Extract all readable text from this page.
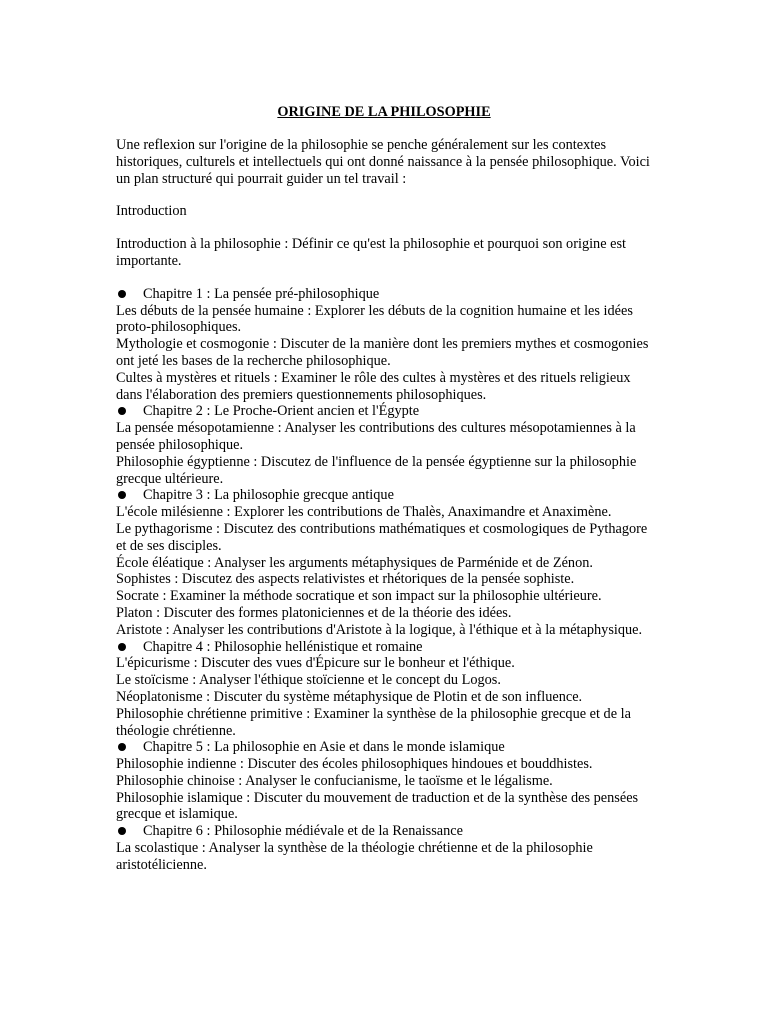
ORIGINE DE LA PHILOSOPHIE

Une reflexion sur l'origine de la philosophie se penche généralement sur les contextes historiques, culturels et intellectuels qui ont donné naissance à la pensée philosophique. Voici un plan structuré qui pourrait guider un tel travail :

Introduction

Introduction à la philosophie : Définir ce qu'est la philosophie et pourquoi son origine est importante.

Chapitre 1 : La pensée pré-philosophique

Les débuts de la pensée humaine : Explorer les débuts de la cognition humaine et les idées proto-philosophiques.

Mythologie et cosmogonie : Discuter de la manière dont les premiers mythes et cosmogonies ont jeté les bases de la recherche philosophique.

Cultes à mystères et rituels : Examiner le rôle des cultes à mystères et des rituels religieux dans l'élaboration des premiers questionnements philosophiques.

Chapitre 2 : Le Proche-Orient ancien et l'Égypte

La pensée mésopotamienne : Analyser les contributions des cultures mésopotamiennes à la pensée philosophique.

Philosophie égyptienne : Discutez de l'influence de la pensée égyptienne sur la philosophie grecque ultérieure.

Chapitre 3 : La philosophie grecque antique

L'école milésienne : Explorer les contributions de Thalès, Anaximandre et Anaximène.

Le pythagorisme : Discutez des contributions mathématiques et cosmologiques de Pythagore et de ses disciples.

École éléatique : Analyser les arguments métaphysiques de Parménide et de Zénon.

Sophistes : Discutez des aspects relativistes et rhétoriques de la pensée sophiste.

Socrate : Examiner la méthode socratique et son impact sur la philosophie ultérieure.

Platon : Discuter des formes platoniciennes et de la théorie des idées.

Aristote : Analyser les contributions d'Aristote à la logique, à l'éthique et à la métaphysique.

Chapitre 4 : Philosophie hellénistique et romaine

L'épicurisme : Discuter des vues d'Épicure sur le bonheur et l'éthique.

Le stoïcisme : Analyser l'éthique stoïcienne et le concept du Logos.

Néoplatonisme : Discuter du système métaphysique de Plotin et de son influence.

Philosophie chrétienne primitive : Examiner la synthèse de la philosophie grecque et de la théologie chrétienne.

Chapitre 5 : La philosophie en Asie et dans le monde islamique

Philosophie indienne : Discuter des écoles philosophiques hindoues et bouddhistes.

Philosophie chinoise : Analyser le confucianisme, le taoïsme et le légalisme.

Philosophie islamique : Discuter du mouvement de traduction et de la synthèse des pensées grecque et islamique.

Chapitre 6 : Philosophie médiévale et de la Renaissance

La scolastique : Analyser la synthèse de la théologie chrétienne et de la philosophie aristotélicienne.
